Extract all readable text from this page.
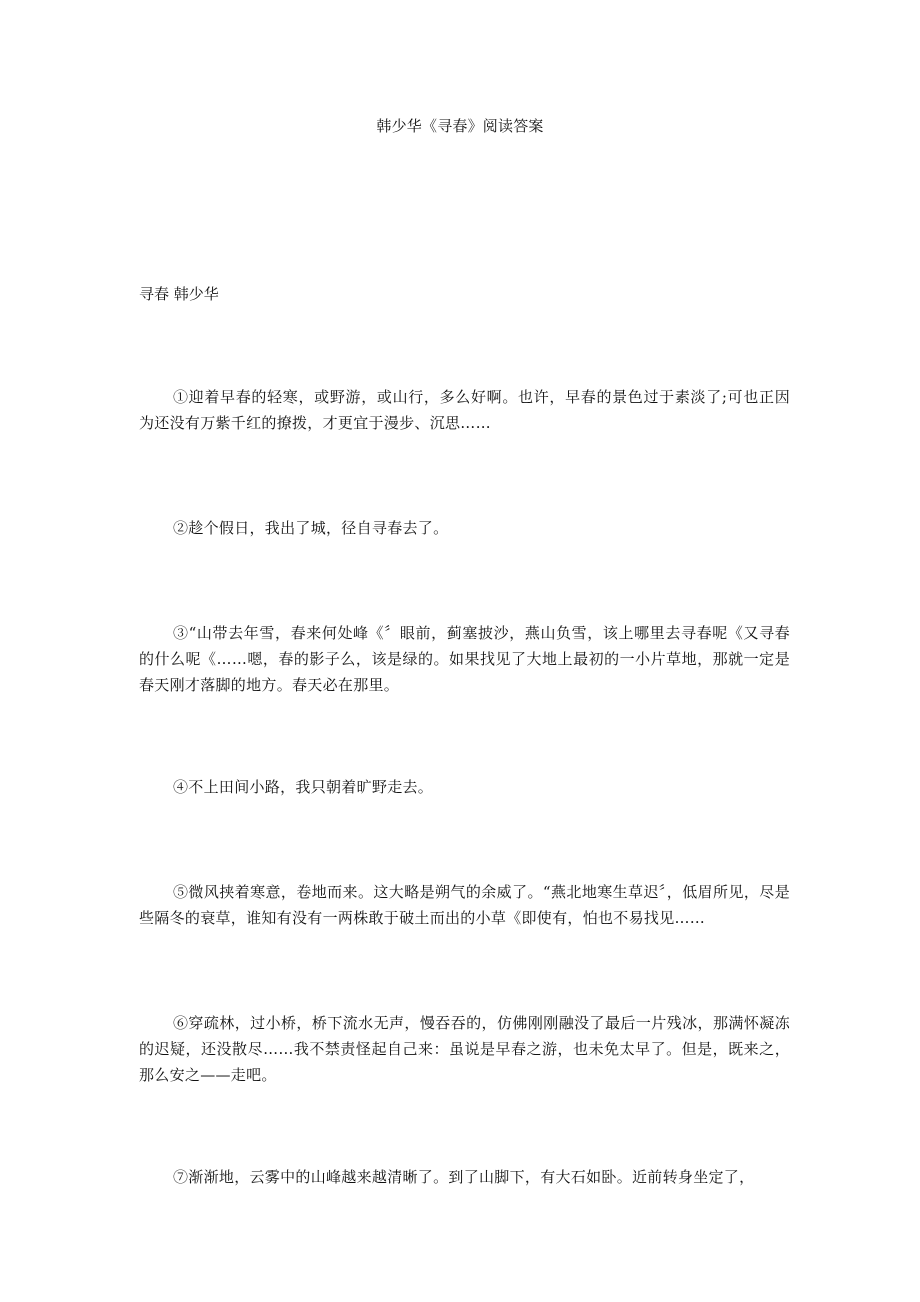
韩少华《寻春》阅读答案
寻春 韩少华

①迎着早春的轻寒，或野游，或山行，多么好啊。也许，早春的景色过于素淡了;可也正因为还没有万紫千红的撩拨，才更宜于漫步、沉思……

②趁个假日，我出了城，径自寻春去了。

③“山带去年雪，春来何处峰《〞眼前，蓟塞披沙，燕山负雪，该上哪里去寻春呢《又寻春的什么呢《……嗯，春的影子么，该是绿的。如果找见了大地上最初的一小片草地，那就一定是春天刚才落脚的地方。春天必在那里。

④不上田间小路，我只朝着旷野走去。

⑤微风挟着寒意，卷地而来。这大略是朔气的余威了。“燕北地寒生草迟〞，低眉所见，尽是些隔冬的衰草，谁知有没有一两株敢于破土而出的小草《即使有，怕也不易找见……

⑥穿疏林，过小桥，桥下流水无声，慢吞吞的，仿佛刚刚融没了最后一片残冰，那满怀凝冻的迟疑，还没散尽……我不禁责怪起自己来：虽说是早春之游，也未免太早了。但是，既来之，那么安之——走吧。

⑦渐渐地，云雾中的山峰越来越清晰了。到了山脚下，有大石如卧。近前转身坐定了，
